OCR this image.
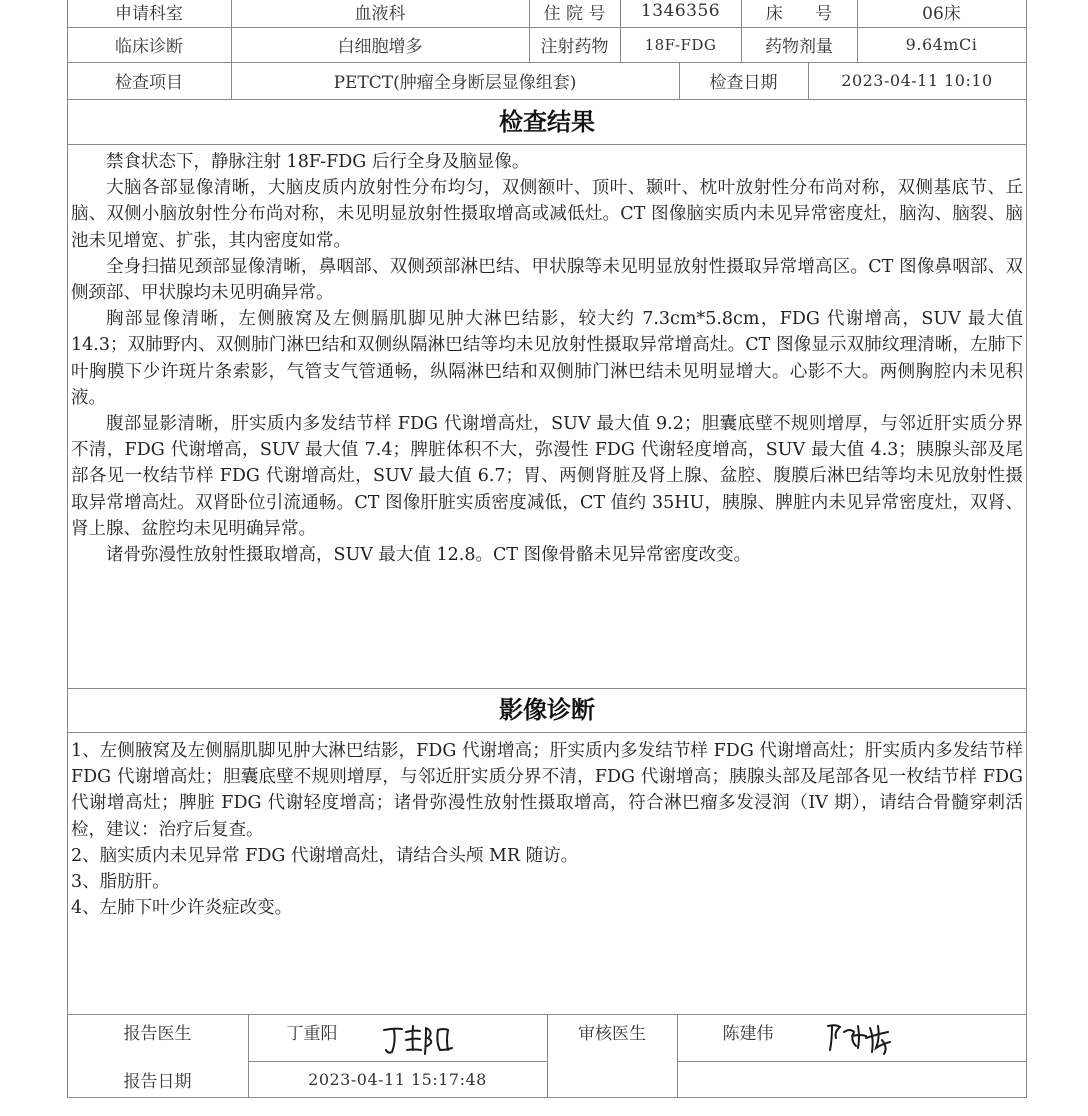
申请科室	血液科	住 院 号	1346356	床      号	06床
临床诊断	白细胞增多	注射药物	18F-FDG	药物剂量	9.64mCi
检查项目	PETCT(肿瘤全身断层显像组套)	检查日期	2023-04-11 10:10
检查结果

禁食状态下，静脉注射 18F-FDG 后行全身及脑显像。

大脑各部显像清晰，大脑皮质内放射性分布均匀，双侧额叶、顶叶、颞叶、枕叶放射性分布尚对称，双侧基底节、丘脑、双侧小脑放射性分布尚对称，未见明显放射性摄取增高或减低灶。CT 图像脑实质内未见异常密度灶，脑沟、脑裂、脑池未见增宽、扩张，其内密度如常。

全身扫描见颈部显像清晰，鼻咽部、双侧颈部淋巴结、甲状腺等未见明显放射性摄取异常增高区。CT 图像鼻咽部、双侧颈部、甲状腺均未见明确异常。

胸部显像清晰，左侧腋窝及左侧膈肌脚见肿大淋巴结影，较大约 7.3cm*5.8cm，FDG 代谢增高，SUV 最大值 14.3；双肺野内、双侧肺门淋巴结和双侧纵隔淋巴结等均未见放射性摄取异常增高灶。CT 图像显示双肺纹理清晰，左肺下叶胸膜下少许斑片条索影，气管支气管通畅，纵隔淋巴结和双侧肺门淋巴结未见明显增大。心影不大。两侧胸腔内未见积液。

腹部显影清晰，肝实质内多发结节样 FDG 代谢增高灶，SUV 最大值 9.2；胆囊底壁不规则增厚，与邻近肝实质分界不清，FDG 代谢增高，SUV 最大值 7.4；脾脏体积不大，弥漫性 FDG 代谢轻度增高，SUV 最大值 4.3；胰腺头部及尾部各见一枚结节样 FDG 代谢增高灶，SUV 最大值 6.7；胃、两侧肾脏及肾上腺、盆腔、腹膜后淋巴结等均未见放射性摄取异常增高灶。双肾卧位引流通畅。CT 图像肝脏实质密度减低，CT 值约 35HU，胰腺、脾脏内未见异常密度灶，双肾、肾上腺、盆腔均未见明确异常。

诸骨弥漫性放射性摄取增高，SUV 最大值 12.8。CT 图像骨骼未见异常密度改变。

影像诊断

1、左侧腋窝及左侧膈肌脚见肿大淋巴结影，FDG 代谢增高；肝实质内多发结节样 FDG 代谢增高灶；肝实质内多发结节样 FDG 代谢增高灶；胆囊底壁不规则增厚，与邻近肝实质分界不清，FDG 代谢增高；胰腺头部及尾部各见一枚结节样 FDG 代谢增高灶；脾脏 FDG 代谢轻度增高；诸骨弥漫性放射性摄取增高，符合淋巴瘤多发浸润（IV 期），请结合骨髓穿刺活检，建议：治疗后复查。

2、脑实质内未见异常 FDG 代谢增高灶，请结合头颅 MR 随访。

3、脂肪肝。

4、左肺下叶少许炎症改变。

报告医生	丁重阳	审核医生	陈建伟
报告日期	2023-04-11 15:17:48
